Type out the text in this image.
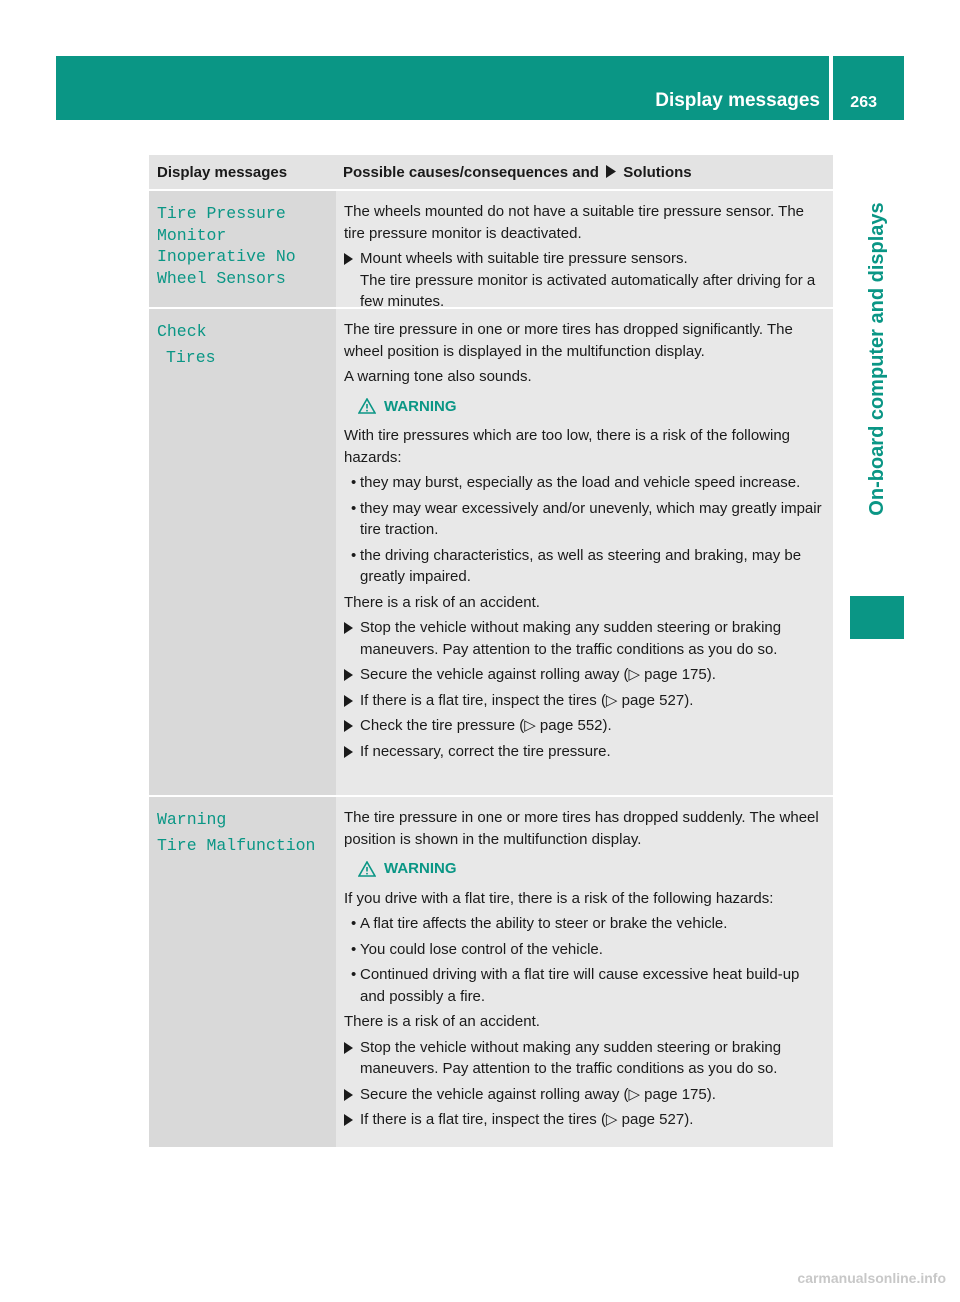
Display messages 263
On-board computer and displays
Display messages	Possible causes/consequences and Solutions
Tire Pressure
Monitor
Inoperative No
Wheel Sensors
The wheels mounted do not have a suitable tire pressure sensor. The tire pressure monitor is deactivated.
Mount wheels with suitable tire pressure sensors.
The tire pressure monitor is activated automatically after driving for a few minutes.
Check
Tires
The tire pressure in one or more tires has dropped significantly. The wheel position is displayed in the multifunction display.
A warning tone also sounds.
WARNING
With tire pressures which are too low, there is a risk of the following hazards:
• they may burst, especially as the load and vehicle speed increase.
• they may wear excessively and/or unevenly, which may greatly impair tire traction.
• the driving characteristics, as well as steering and braking, may be greatly impaired.
There is a risk of an accident.
Stop the vehicle without making any sudden steering or braking maneuvers. Pay attention to the traffic conditions as you do so.
Secure the vehicle against rolling away (▷ page 175).
If there is a flat tire, inspect the tires (▷ page 527).
Check the tire pressure (▷ page 552).
If necessary, correct the tire pressure.
Warning
Tire Malfunction
The tire pressure in one or more tires has dropped suddenly. The wheel position is shown in the multifunction display.
WARNING
If you drive with a flat tire, there is a risk of the following hazards:
• A flat tire affects the ability to steer or brake the vehicle.
• You could lose control of the vehicle.
• Continued driving with a flat tire will cause excessive heat build-up and possibly a fire.
There is a risk of an accident.
Stop the vehicle without making any sudden steering or braking maneuvers. Pay attention to the traffic conditions as you do so.
Secure the vehicle against rolling away (▷ page 175).
If there is a flat tire, inspect the tires (▷ page 527).
carmanualsonline.info
